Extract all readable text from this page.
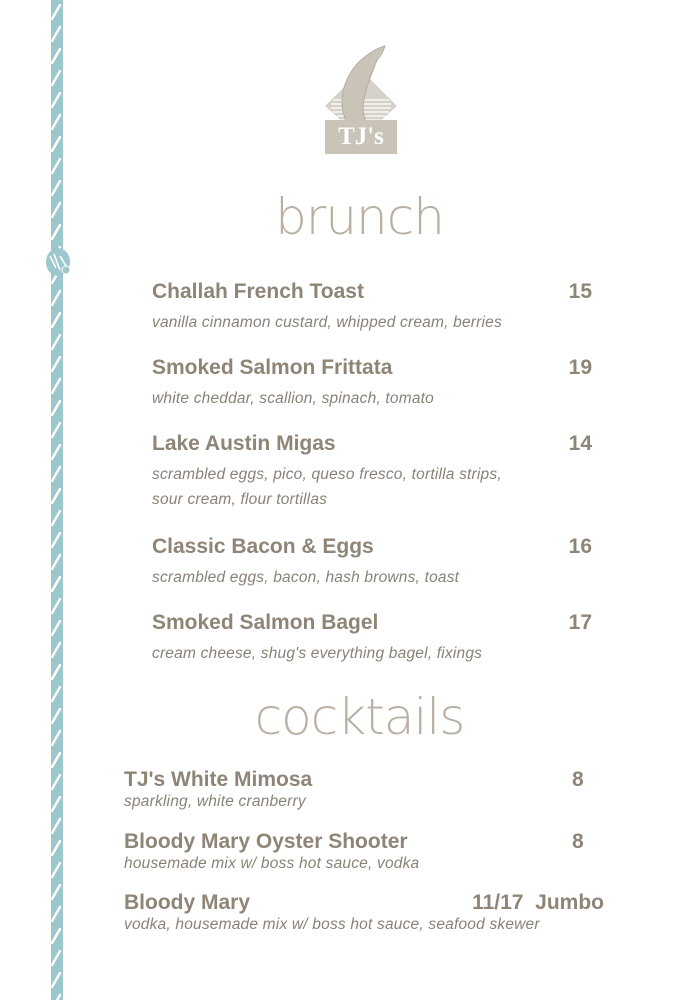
TJ's
brunch
Challah French Toast	15
vanilla cinnamon custard, whipped cream, berries
Smoked Salmon Frittata	19
white cheddar, scallion, spinach, tomato
Lake Austin Migas	14
scrambled eggs, pico, queso fresco, tortilla strips,
sour cream, flour tortillas
Classic Bacon & Eggs	16
scrambled eggs, bacon, hash browns, toast
Smoked Salmon Bagel	17
cream cheese, shug's everything bagel, fixings
cocktails
TJ's White Mimosa	8
sparkling, white cranberry
Bloody Mary Oyster Shooter	8
housemade mix w/ boss hot sauce, vodka
Bloody Mary	11/17  Jumbo
vodka, housemade mix w/ boss hot sauce, seafood skewer
